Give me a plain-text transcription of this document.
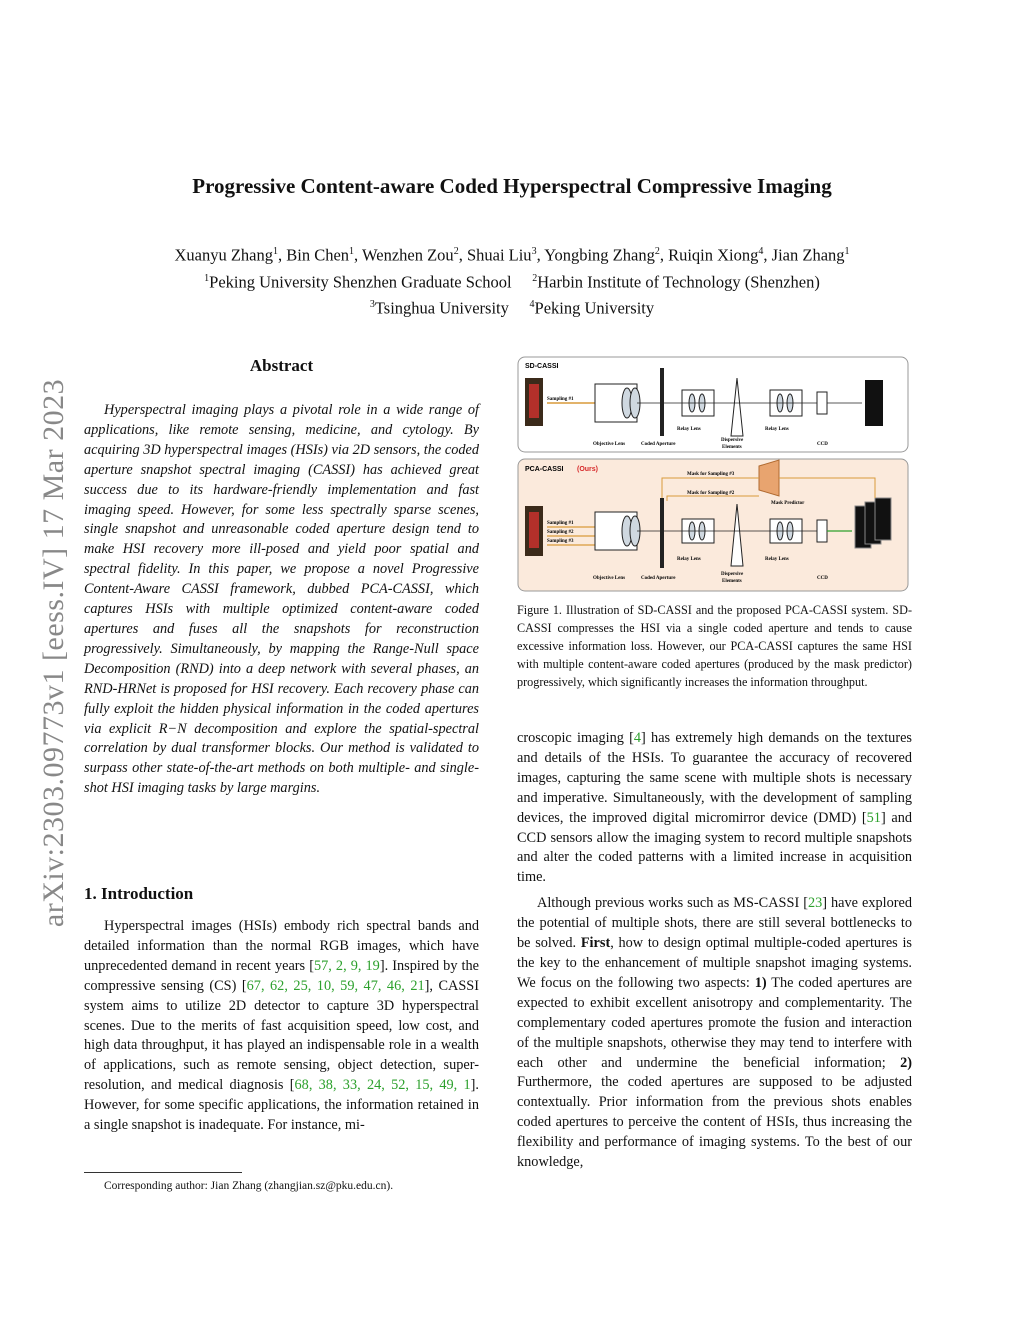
Progressive Content-aware Coded Hyperspectral Compressive Imaging
Xuanyu Zhang$^1$, Bin Chen$^1$, Wenzhen Zou$^2$, Shuai Liu$^3$, Yongbing Zhang$^2$, Ruiqin Xiong$^4$, Jian Zhang$^1$
$^1$Peking University Shenzhen Graduate School $^2$Harbin Institute of Technology (Shenzhen)
$^3$Tsinghua University $^4$Peking University
arXiv:2303.09773v1 [eess.IV] 17 Mar 2023
Abstract

Hyperspectral imaging plays a pivotal role in a wide range of applications, like remote sensing, medicine, and cytology. By acquiring 3D hyperspectral images (HSIs) via 2D sensors, the coded aperture snapshot spectral imaging (CASSI) has achieved great success due to its hardware-friendly implementation and fast imaging speed. However, for some less spectrally sparse scenes, single snapshot and unreasonable coded aperture design tend to make HSI recovery more ill-posed and yield poor spatial and spectral fidelity. In this paper, we propose a novel Progressive Content-Aware CASSI framework, dubbed PCA-CASSI, which captures HSIs with multiple optimized content-aware coded apertures and fuses all the snapshots for reconstruction progressively. Simultaneously, by mapping the Range-Null space Decomposition (RND) into a deep network with several phases, an RND-HRNet is proposed for HSI recovery. Each recovery phase can fully exploit the hidden physical information in the coded apertures via explicit R−N decomposition and explore the spatial-spectral correlation by dual transformer blocks. Our method is validated to surpass other state-of-the-art methods on both multiple- and single-shot HSI imaging tasks by large margins.

1. Introduction

Hyperspectral images (HSIs) embody rich spectral bands and detailed information than the normal RGB images, which have unprecedented demand in recent years [57, 2, 9, 19]. Inspired by the compressive sensing (CS) [67, 62, 25, 10, 59, 47, 46, 21], CASSI system aims to utilize 2D detector to capture 3D hyperspectral scenes. Due to the merits of fast acquisition speed, low cost, and high data throughput, it has played an indispensable role in a wealth of applications, such as remote sensing, object detection, super-resolution, and medical diagnosis [68, 38, 33, 24, 52, 15, 49, 1]. However, for some specific applications, the information retained in a single snapshot is inadequate. For instance, mi-

Corresponding author: Jian Zhang (zhangjian.sz@pku.edu.cn).
SD-CASSI
Sampling #1
Objective Lens	Coded Aperture
Dispersive
Elements
Relay Lens	Relay Lens
CCD
PCA-CASSI (Ours)
Sampling #1
Sampling #2
Sampling #3
Mask Predictor
Mask for Sampling #3
Mask for Sampling #2
Objective Lens	Coded Aperture
Dispersive
Elements
Relay Lens	Relay Lens
CCD
Figure 1. Illustration of SD-CASSI and the proposed PCA-CASSI system. SD-CASSI compresses the HSI via a single coded aperture and tends to cause excessive information loss. However, our PCA-CASSI captures the same HSI with multiple content-aware coded apertures (produced by the mask predictor) progressively, which significantly increases the information throughput.

croscopic imaging [4] has extremely high demands on the textures and details of the HSIs. To guarantee the accuracy of recovered images, capturing the same scene with multiple shots is necessary and imperative. Simultaneously, with the development of sampling devices, the improved digital micromirror device (DMD) [51] and CCD sensors allow the imaging system to record multiple snapshots and alter the coded patterns with a limited increase in acquisition time.

Although previous works such as MS-CASSI [23] have explored the potential of multiple shots, there are still several bottlenecks to be solved. First, how to design optimal multiple-coded apertures is the key to the enhancement of multiple snapshot imaging systems. We focus on the following two aspects: 1) The coded apertures are expected to exhibit excellent anisotropy and complementarity. The complementary coded apertures promote the fusion and interaction of the multiple snapshots, otherwise they may tend to interfere with each other and undermine the beneficial information; 2) Furthermore, the coded apertures are supposed to be adjusted contextually. Prior information from the previous shots enables coded apertures to perceive the content of HSIs, thus increasing the flexibility and performance of imaging systems. To the best of our knowledge,
